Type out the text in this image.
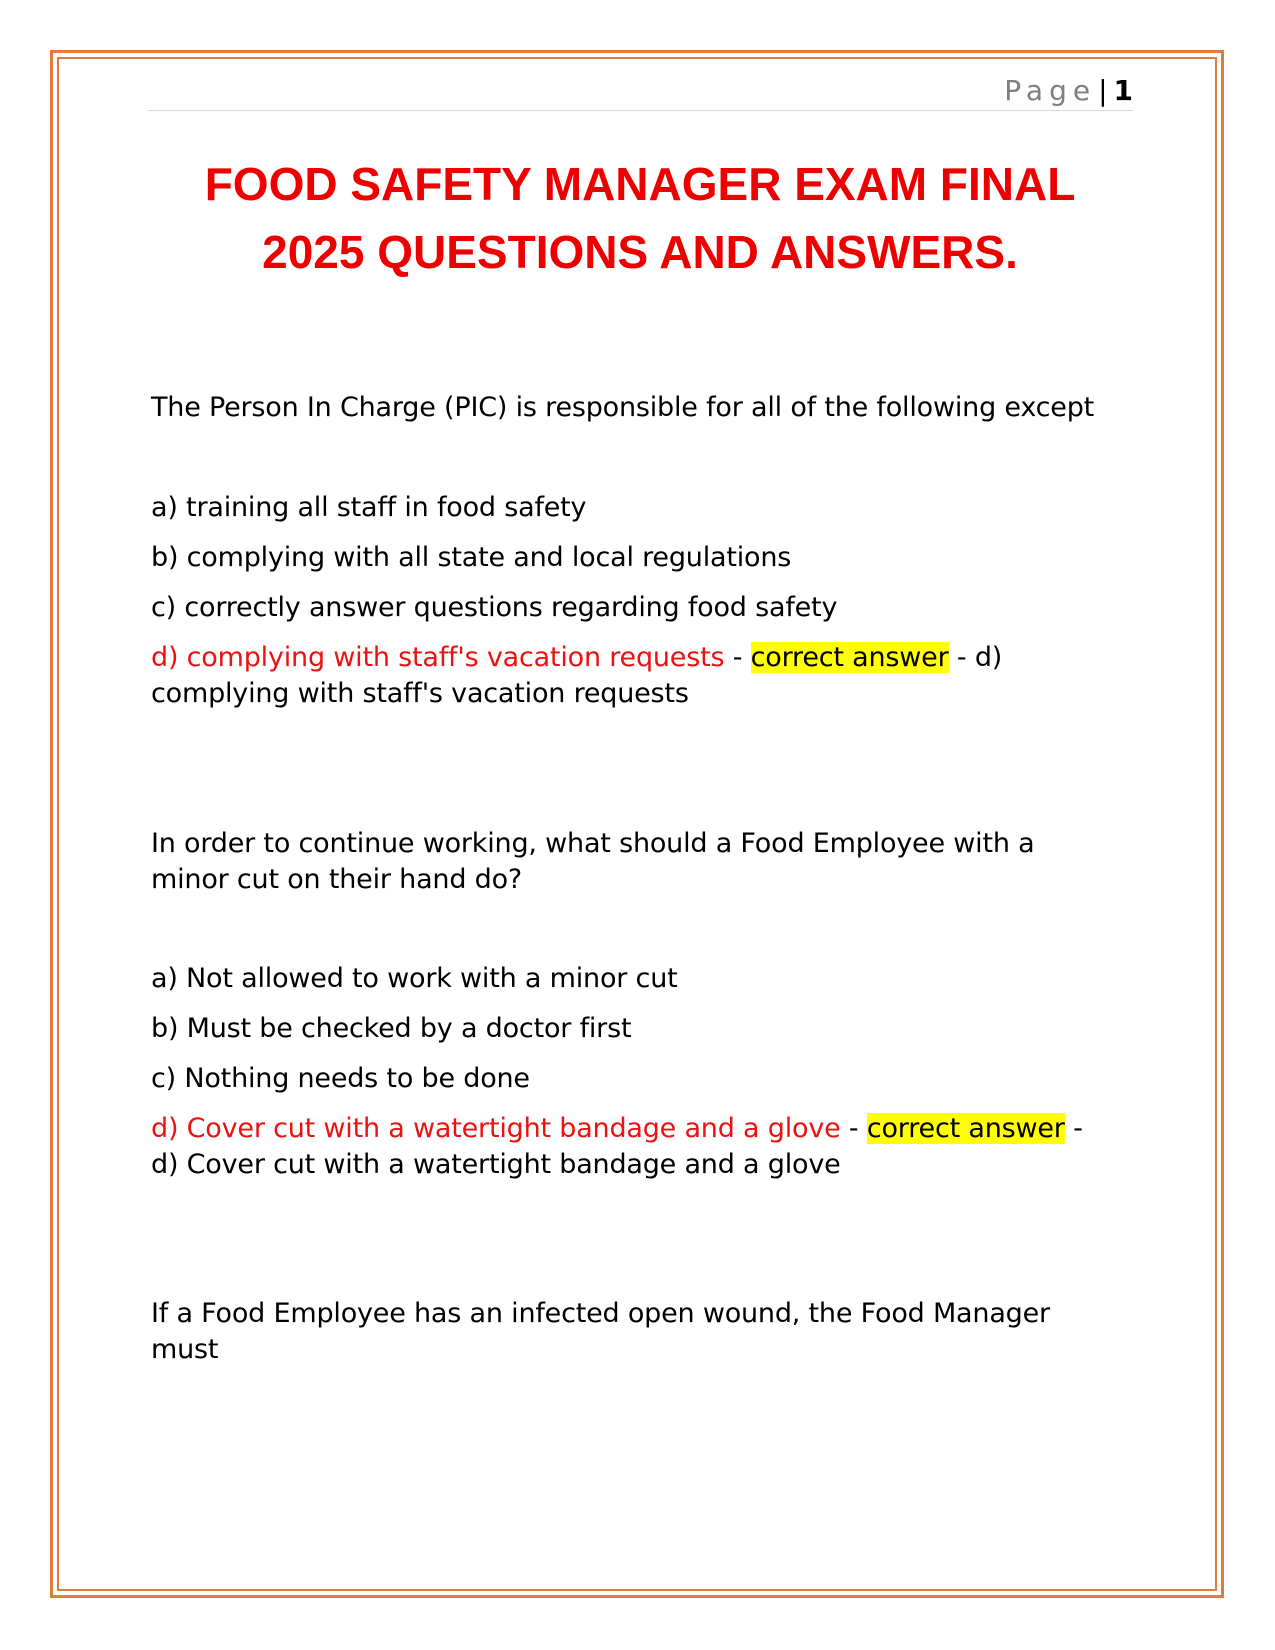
Page| 1
FOOD SAFETY MANAGER EXAM FINAL
2025 QUESTIONS AND ANSWERS.

The Person In Charge (PIC) is responsible for all of the following except

a) training all staff in food safety

b) complying with all state and local regulations

c) correctly answer questions regarding food safety

d) complying with staff's vacation requests - correct answer - d) complying with staff's vacation requests

In order to continue working, what should a Food Employee with a minor cut on their hand do?

a) Not allowed to work with a minor cut

b) Must be checked by a doctor first

c) Nothing needs to be done

d) Cover cut with a watertight bandage and a glove - correct answer - d) Cover cut with a watertight bandage and a glove

If a Food Employee has an infected open wound, the Food Manager must
